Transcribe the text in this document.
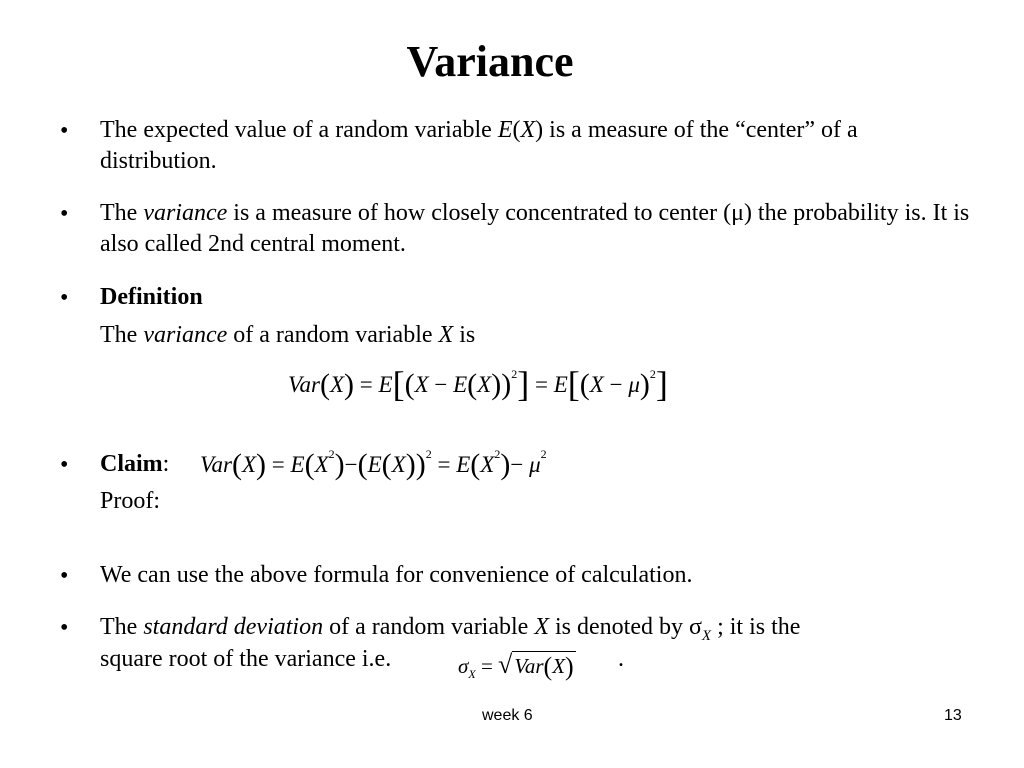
Variance
• The expected value of a random variable E(X) is a measure of the “center” of a distribution.
• The variance is a measure of how closely concentrated to center (μ) the probability is. It is also called 2nd central moment.
• Definition
The variance of a random variable X is
$Var(X) = E[(X - E(X))^2] = E[(X - \mu)^2]$
• Claim:	$Var(X) = E(X^2)-(E(X))^2 = E(X^2)- \mu^2$
Proof:
• We can use the above formula for convenience of calculation.
• The standard deviation of a random variable X is denoted by $\sigma_X$ ; it is the
square root of the variance i.e.	$\sigma_X = √Var(X)$ .
week 6	13
